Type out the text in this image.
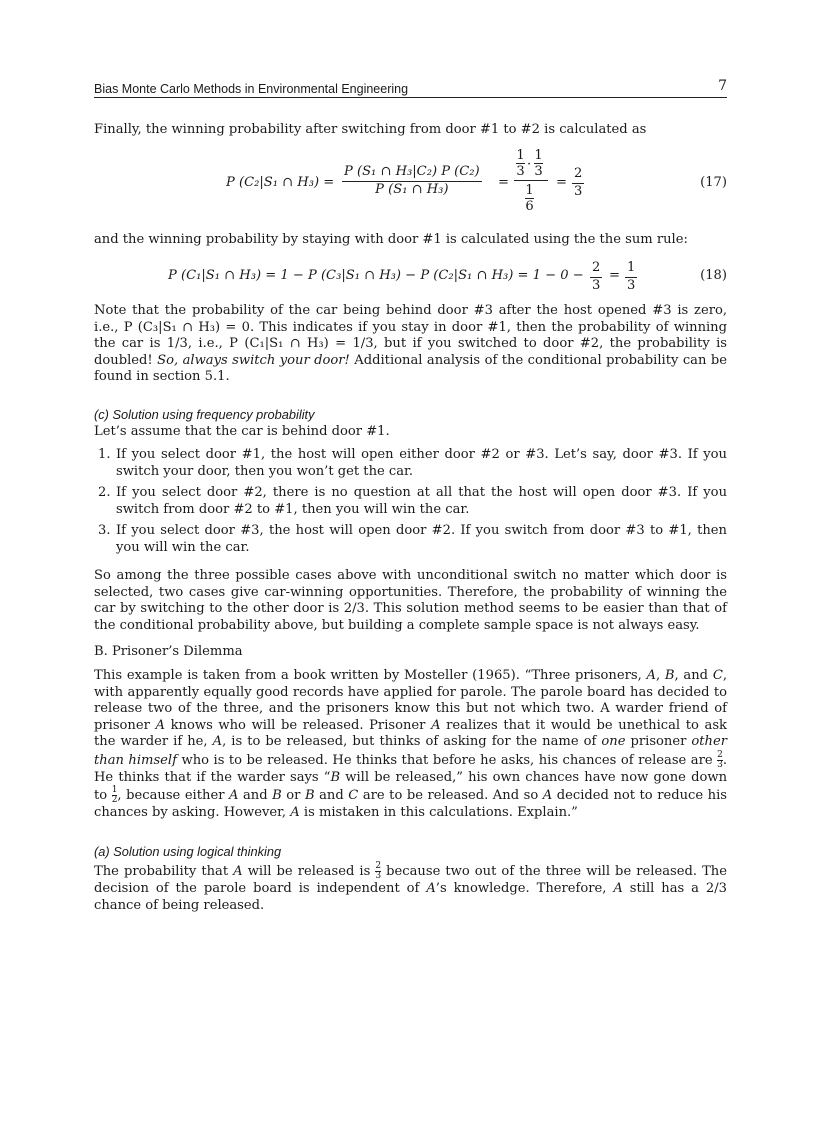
Bias Monte Carlo Methods in Environmental Engineering	7

Finally, the winning probability after switching from door #1 to #2 is calculated as

P (C₂|S₁ ∩ $H_3) = \frac{\text{P (S₁ ∩ H₃|C₂) P (C₂)}}{\text{P (S₁ ∩ H₃)}}$ =
1
3 ·
1
3
1
6
= $\frac{2}{3}$	(17)

and the winning probability by staying with door #1 is calculated using the the sum rule:

P (C₁|S₁ ∩ H₃) = 1 − P (C₃|S₁ ∩ H₃) − P (C₂|S₁ ∩ $H_3) = 1 - 0 - \frac{2}{3} = \frac{1}{3}$	(18)

Note that the probability of the car being behind door #3 after the host opened #3 is zero, i.e., P (C₃|S₁ ∩ H₃) = 0. This indicates if you stay in door #1, then the probability of winning the car is 1/3, i.e., P (C₁|S₁ ∩ H₃) = 1/3, but if you switched to door #2, the probability is doubled! So, always switch your door! Additional analysis of the conditional probability can be found in section 5.1.

(c) Solution using frequency probability

Let’s assume that the car is behind door #1.

1. If you select door #1, the host will open either door #2 or #3. Let’s say, door #3. If you switch your door, then you won’t get the car.
2. If you select door #2, there is no question at all that the host will open door #3. If you switch from door #2 to #1, then you will win the car.
3. If you select door #3, the host will open door #2. If you switch from door #3 to #1, then you will win the car.

So among the three possible cases above with unconditional switch no matter which door is selected, two cases give car-winning opportunities. Therefore, the probability of winning the car by switching to the other door is 2/3. This solution method seems to be easier than that of the conditional probability above, but building a complete sample space is not always easy.

B. Prisoner’s Dilemma

This example is taken from a book written by Mosteller (1965). “Three prisoners, A, B, and C, with apparently equally good records have applied for parole. The parole board has decided to release two of the three, and the prisoners know this but not which two. A warder friend of prisoner A knows who will be released. Prisoner A realizes that it would be unethical to ask the warder if he, A, is to be released, but thinks of asking for the name of one prisoner other than himself who is to be released. He thinks that before he asks, his chances of release are $\frac{2}{3}$ . He thinks that if the warder says “B will be released,” his own chances have now gone down to $\frac{1}{2}$ , because either A and B or B and C are to be released. And so A decided not to reduce his chances by asking. However, A is mistaken in this calculations. Explain.”

(a) Solution using logical thinking

The probability that A will be released is $\frac{2}{3}$ because two out of the three will be released. The decision of the parole board is independent of A’s knowledge. Therefore, A still has a 2/3 chance of being released.
